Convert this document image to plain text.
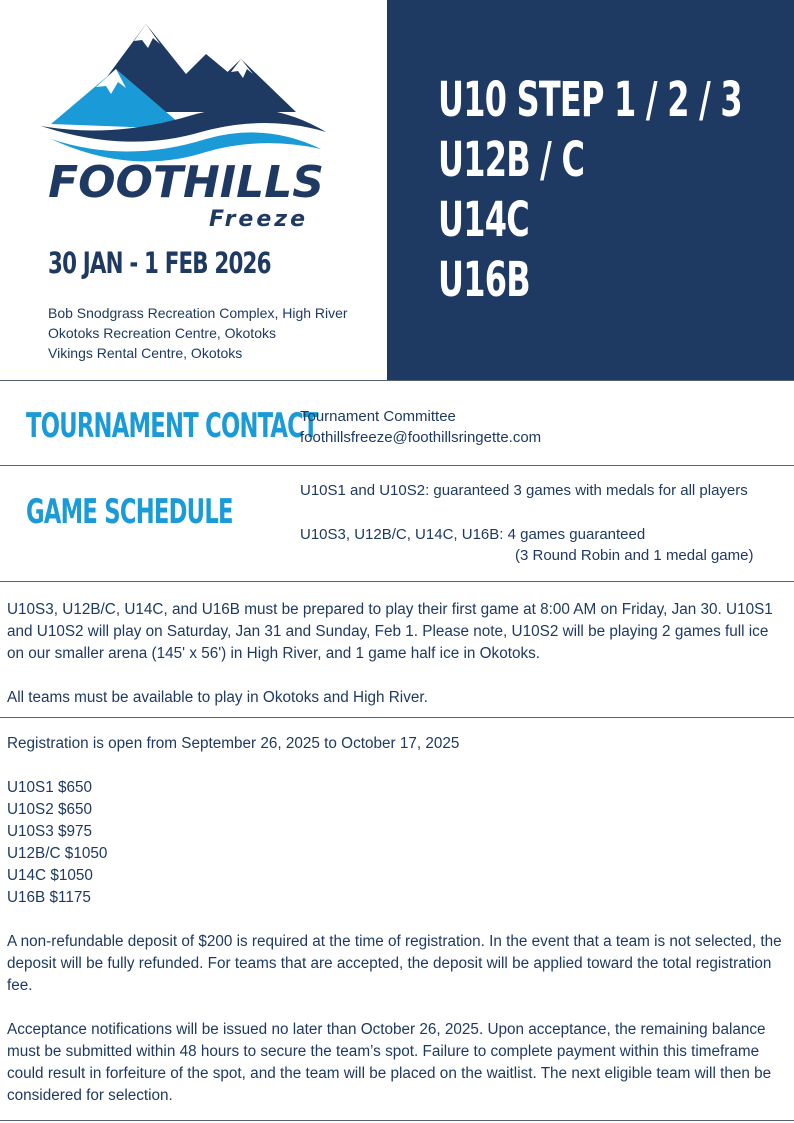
FOOTHILLS
Freeze
30 JAN - 1 FEB 2026
Bob Snodgrass Recreation Complex, High River
Okotoks Recreation Centre, Okotoks
Vikings Rental Centre, Okotoks
U10 STEP 1 / 2 / 3
U12B / C
U14C
U16B
TOURNAMENT CONTACT
Tournament Committee
foothillsfreeze@foothillsringette.com
GAME SCHEDULE
U10S1 and U10S2: guaranteed 3 games with medals for all players
U10S3, U12B/C, U14C, U16B: 4 games guaranteed
(3 Round Robin and 1 medal game)

U10S3, U12B/C, U14C, and U16B must be prepared to play their first game at 8:00 AM on Friday, Jan 30. U10S1 and U10S2 will play on Saturday, Jan 31 and Sunday, Feb 1. Please note, U10S2 will be playing 2 games full ice on our smaller arena (145' x 56') in High River, and 1 game half ice in Okotoks.

All teams must be available to play in Okotoks and High River.

Registration is open from September 26, 2025 to October 17, 2025

U10S1 $650
U10S2 $650
U10S3 $975
U12B/C $1050
U14C $1050
U16B $1175

A non-refundable deposit of $200 is required at the time of registration. In the event that a team is not selected, the deposit will be fully refunded. For teams that are accepted, the deposit will be applied toward the total registration fee.

Acceptance notifications will be issued no later than October 26, 2025. Upon acceptance, the remaining balance must be submitted within 48 hours to secure the team’s spot. Failure to complete payment within this timeframe could result in forfeiture of the spot, and the team will be placed on the waitlist. The next eligible team will then be considered for selection.
